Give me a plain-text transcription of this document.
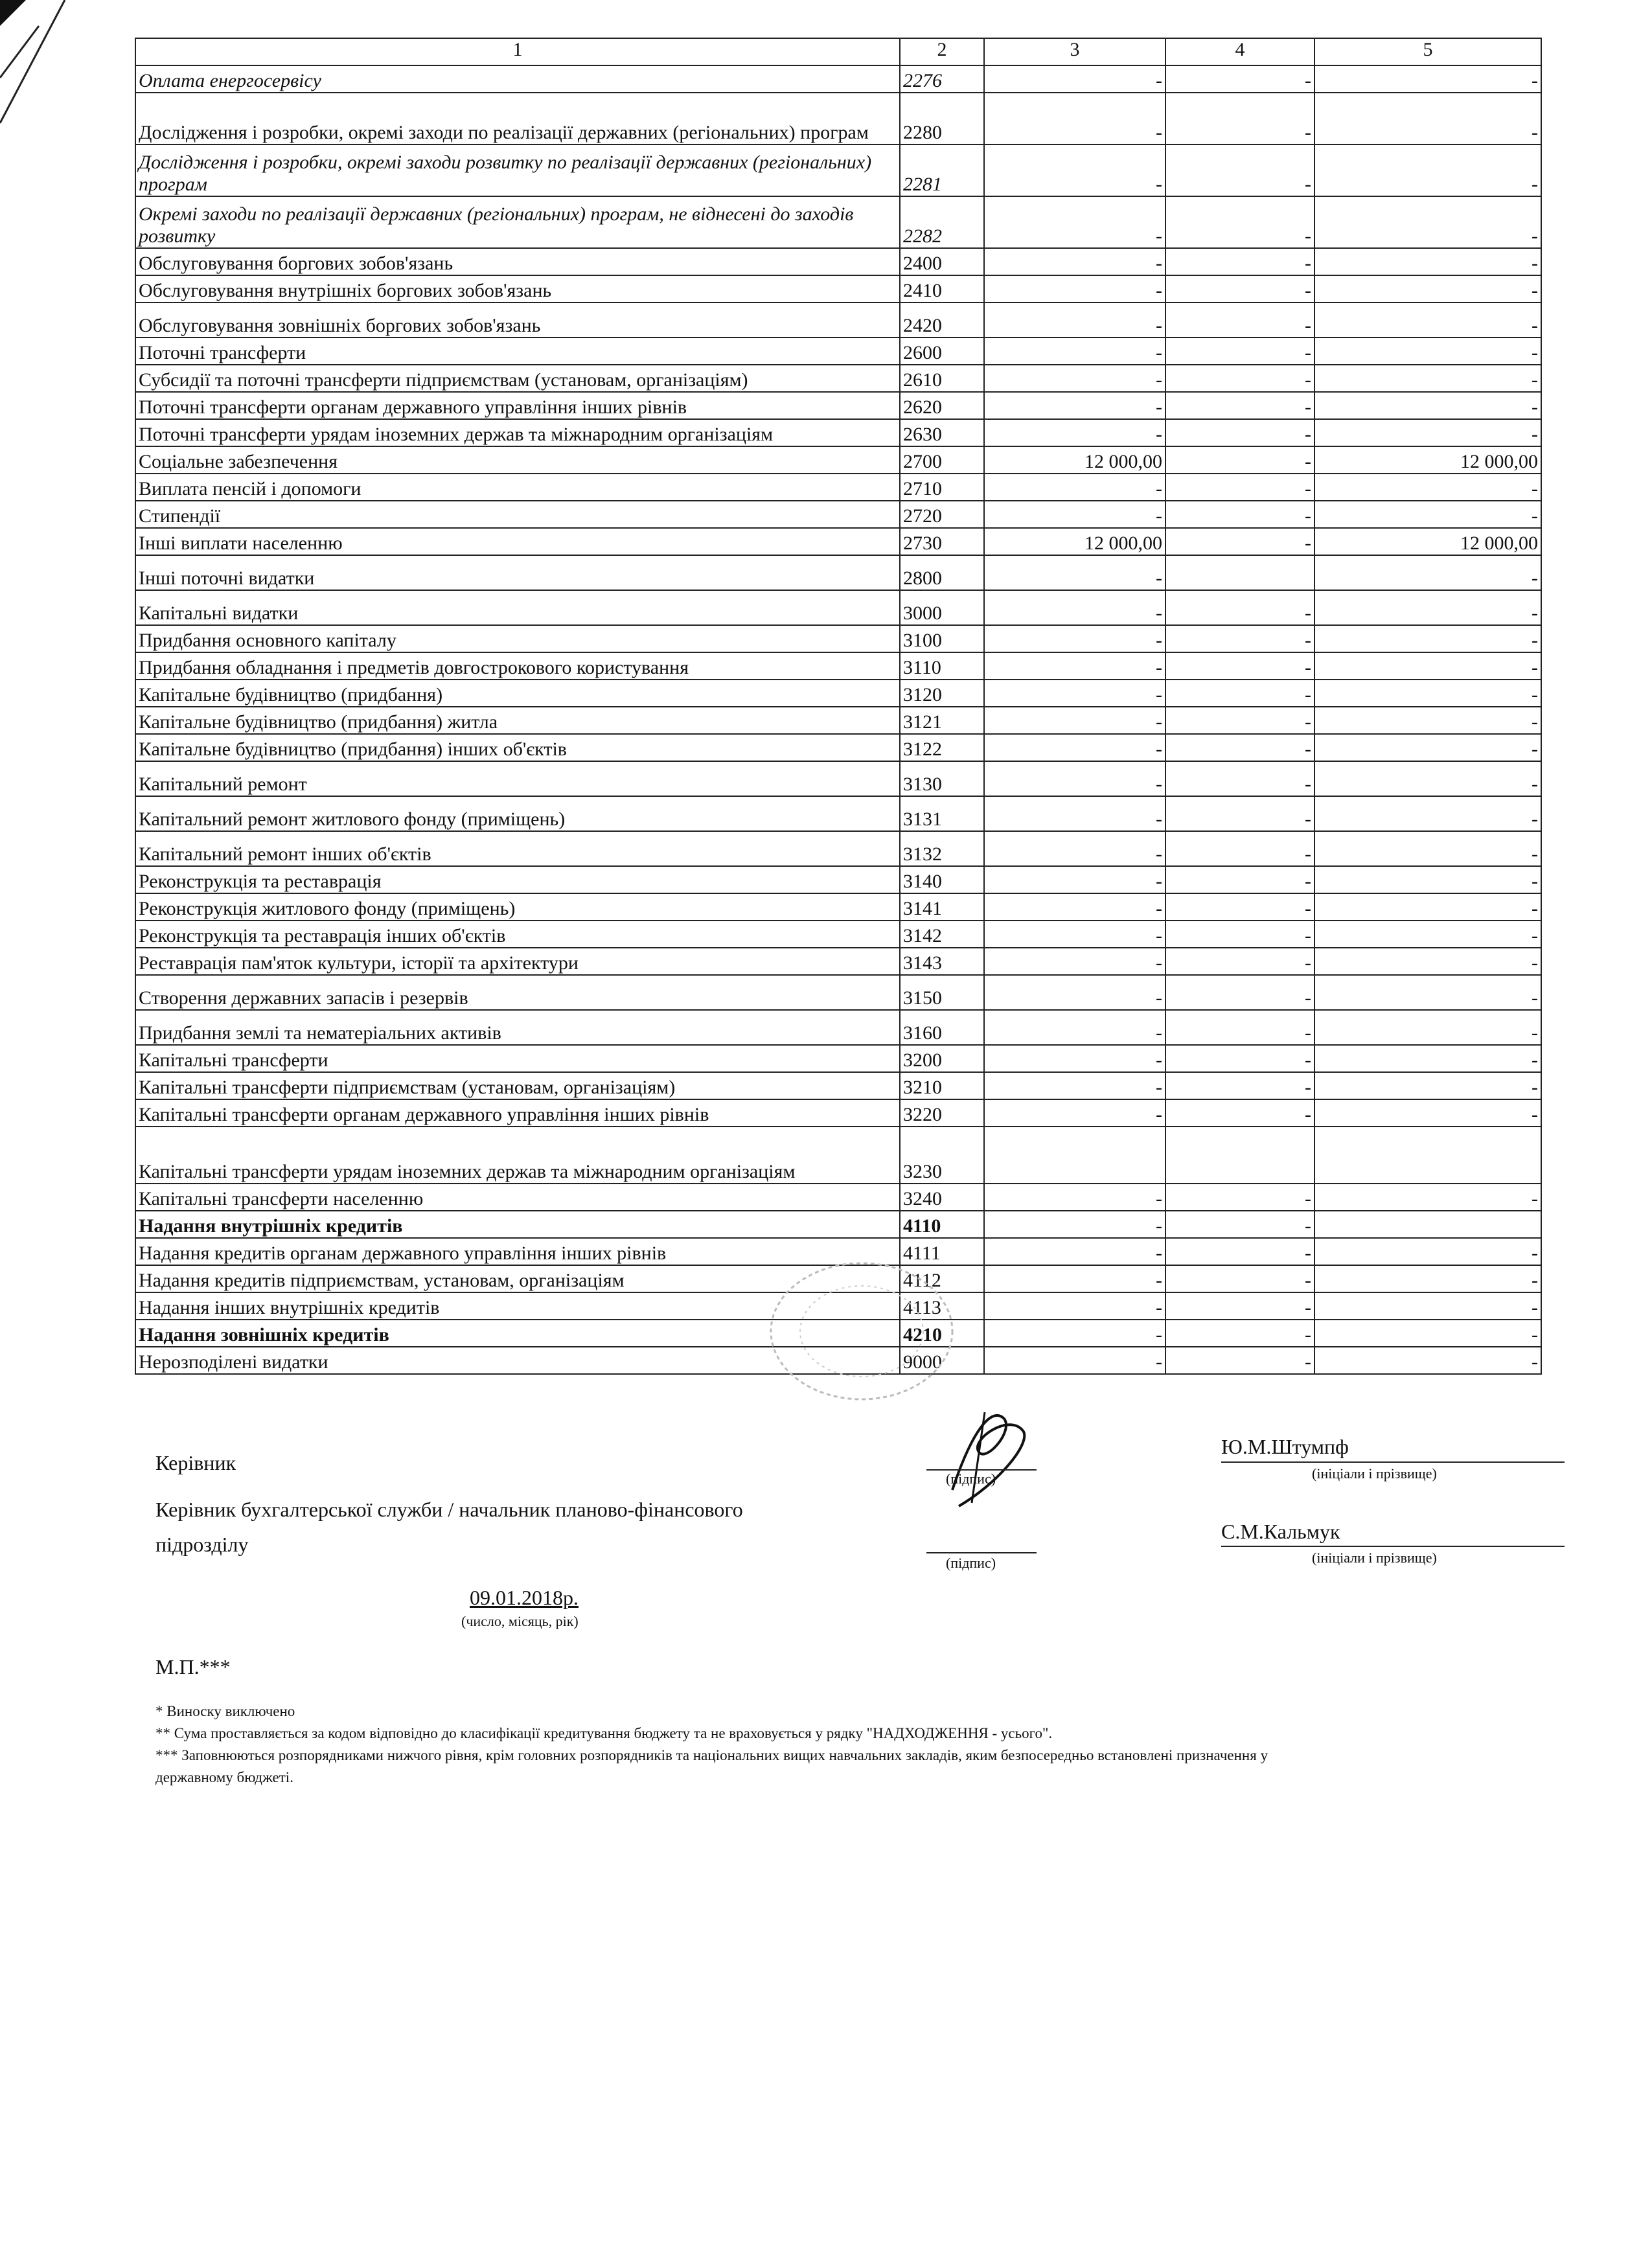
1	2	3	4	5
Оплата енергосервісу	2276	-	-	-
Дослідження і розробки, окремі заходи по реалізації державних (регіональних) програм	2280	-	-	-
Дослідження і розробки, окремі заходи розвитку по реалізації державних (регіональних) програм	2281	-	-	-
Окремі заходи по реалізації державних (регіональних) програм, не віднесені до заходів розвитку	2282	-	-	-
Обслуговування боргових зобов'язань	2400	-	-	-
Обслуговування внутрішніх боргових зобов'язань	2410	-	-	-
Обслуговування зовнішніх боргових зобов'язань	2420	-	-	-
Поточні трансферти	2600	-	-	-
Субсидії та поточні трансферти підприємствам (установам, організаціям)	2610	-	-	-
Поточні трансферти органам державного управління інших рівнів	2620	-	-	-
Поточні трансферти урядам іноземних держав та міжнародним організаціям	2630	-	-	-
Соціальне забезпечення	2700	12 000,00	-	12 000,00
Виплата пенсій і допомоги	2710	-	-	-
Стипендії	2720	-	-	-
Інші виплати населенню	2730	12 000,00	-	12 000,00
Інші поточні видатки	2800	-		-
Капітальні видатки	3000	-	-	-
Придбання основного капіталу	3100	-	-	-
Придбання обладнання і предметів довгострокового користування	3110	-	-	-
Капітальне будівництво (придбання)	3120	-	-	-
Капітальне будівництво (придбання) житла	3121	-	-	-
Капітальне будівництво (придбання) інших об'єктів	3122	-	-	-
Капітальний ремонт	3130	-	-	-
Капітальний ремонт житлового фонду (приміщень)	3131	-	-	-
Капітальний ремонт інших об'єктів	3132	-	-	-
Реконструкція та реставрація	3140	-	-	-
Реконструкція житлового фонду (приміщень)	3141	-	-	-
Реконструкція та реставрація інших об'єктів	3142	-	-	-
Реставрація пам'яток культури, історії та архітектури	3143	-	-	-
Створення державних запасів і резервів	3150	-	-	-
Придбання землі та нематеріальних активів	3160	-	-	-
Капітальні трансферти	3200	-	-	-
Капітальні трансферти підприємствам (установам, організаціям)	3210	-	-	-
Капітальні трансферти органам державного управління інших рівнів	3220	-	-	-
Капітальні трансферти урядам іноземних держав та міжнародним організаціям	3230			
Капітальні трансферти населенню	3240	-	-	-
Надання внутрішніх кредитів	4110	-	-	
Надання кредитів органам державного управління інших рівнів	4111	-	-	-
Надання кредитів підприємствам, установам, організаціям	4112	-	-	-
Надання інших внутрішніх кредитів	4113	-	-	-
Надання зовнішніх кредитів	4210	-	-	-
Нерозподілені видатки	9000	-	-	-
Керівник
(підпис)
Ю.М.Штумпф
(ініціали і прізвище)
Керівник бухгалтерської служби / начальник планово-фінансового
підрозділу
(підпис)
С.М.Кальмук
(ініціали і прізвище)
09.01.2018р.
(число, місяць, рік)
М.П.***
* Виноску виключено
** Сума проставляється за кодом відповідно до класифікації кредитування бюджету та не враховується у рядку "НАДХОДЖЕННЯ - усього".
*** Заповнюються розпорядниками нижчого рівня, крім головних розпорядників та національних вищих навчальних закладів, яким безпосередньо встановлені призначення у
державному бюджеті.
